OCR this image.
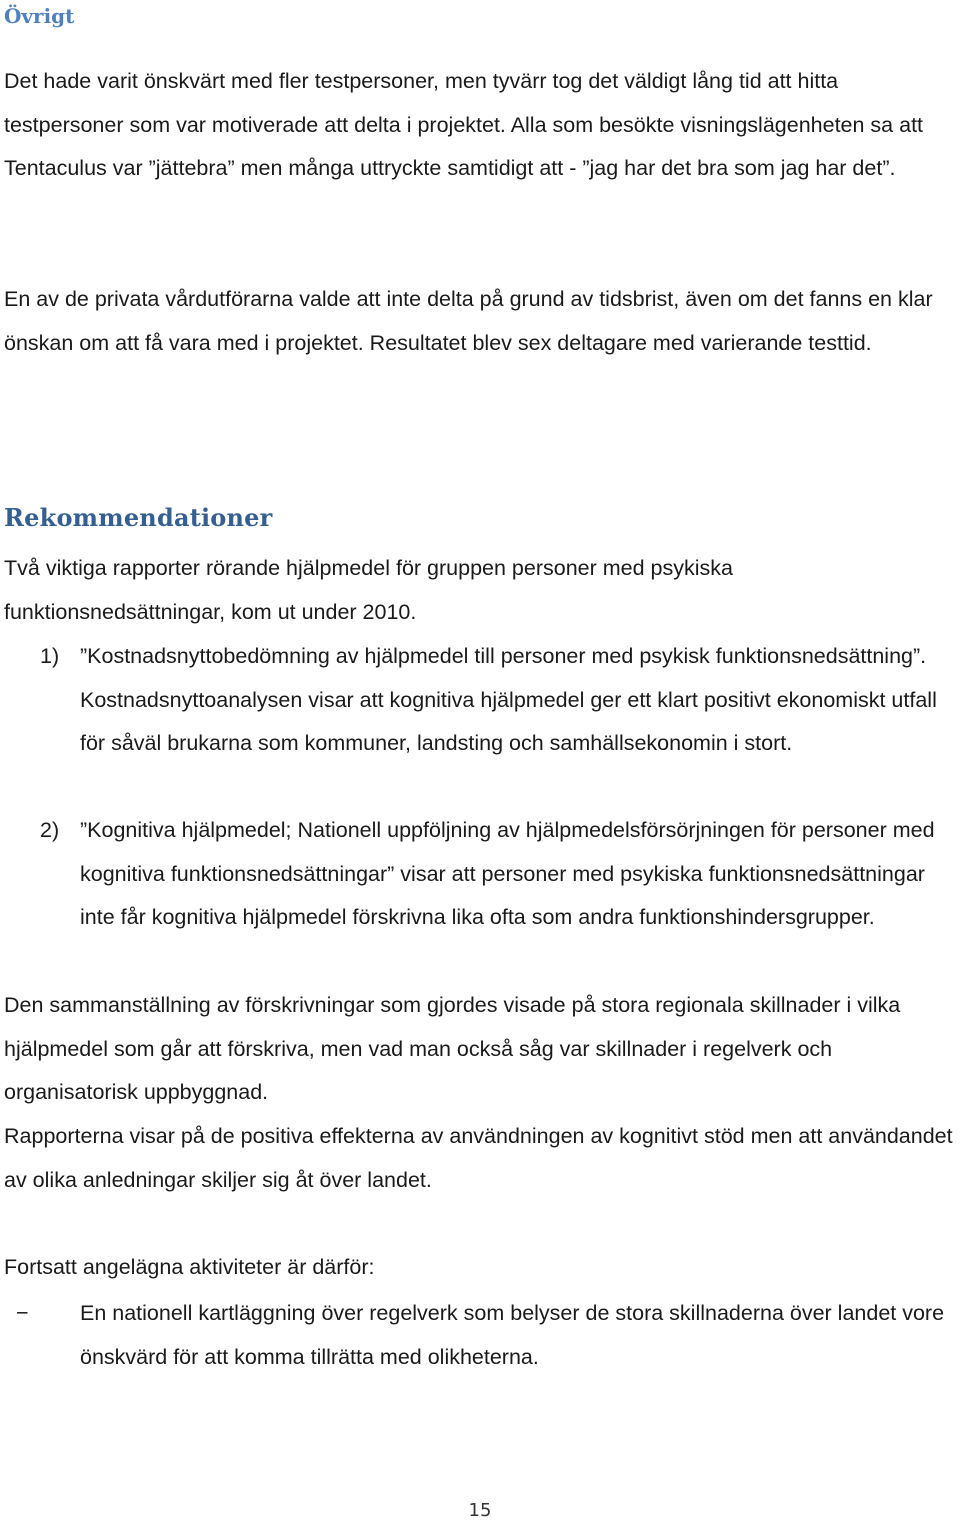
Övrigt

Det hade varit önskvärt med fler testpersoner, men tyvärr tog det väldigt lång tid att hitta testpersoner som var motiverade att delta i projektet. Alla som besökte visningslägenheten sa att Tentaculus var ”jättebra” men många uttryckte samtidigt att - ”jag har det bra som jag har det”.

En av de privata vårdutförarna valde att inte delta på grund av tidsbrist, även om det fanns en klar önskan om att få vara med i projektet. Resultatet blev sex deltagare med varierande testtid.

Rekommendationer

Två viktiga rapporter rörande hjälpmedel för gruppen personer med psykiska funktionsnedsättningar, kom ut under 2010.

1) ”Kostnadsnyttobedömning av hjälpmedel till personer med psykisk funktionsnedsättning”. Kostnadsnyttoanalysen visar att kognitiva hjälpmedel ger ett klart positivt ekonomiskt utfall för såväl brukarna som kommuner, landsting och samhällsekonomin i stort.
2) ”Kognitiva hjälpmedel; Nationell uppföljning av hjälpmedelsförsörjningen för personer med kognitiva funktionsnedsättningar” visar att personer med psykiska funktionsnedsättningar inte får kognitiva hjälpmedel förskrivna lika ofta som andra funktionshindersgrupper.

Den sammanställning av förskrivningar som gjordes visade på stora regionala skillnader i vilka hjälpmedel som går att förskriva, men vad man också såg var skillnader i regelverk och organisatorisk uppbyggnad.

Rapporterna visar på de positiva effekterna av användningen av kognitivt stöd men att användandet av olika anledningar skiljer sig åt över landet.

Fortsatt angelägna aktiviteter är därför:

− En nationell kartläggning över regelverk som belyser de stora skillnaderna över landet vore önskvärd för att komma tillrätta med olikheterna.
15
